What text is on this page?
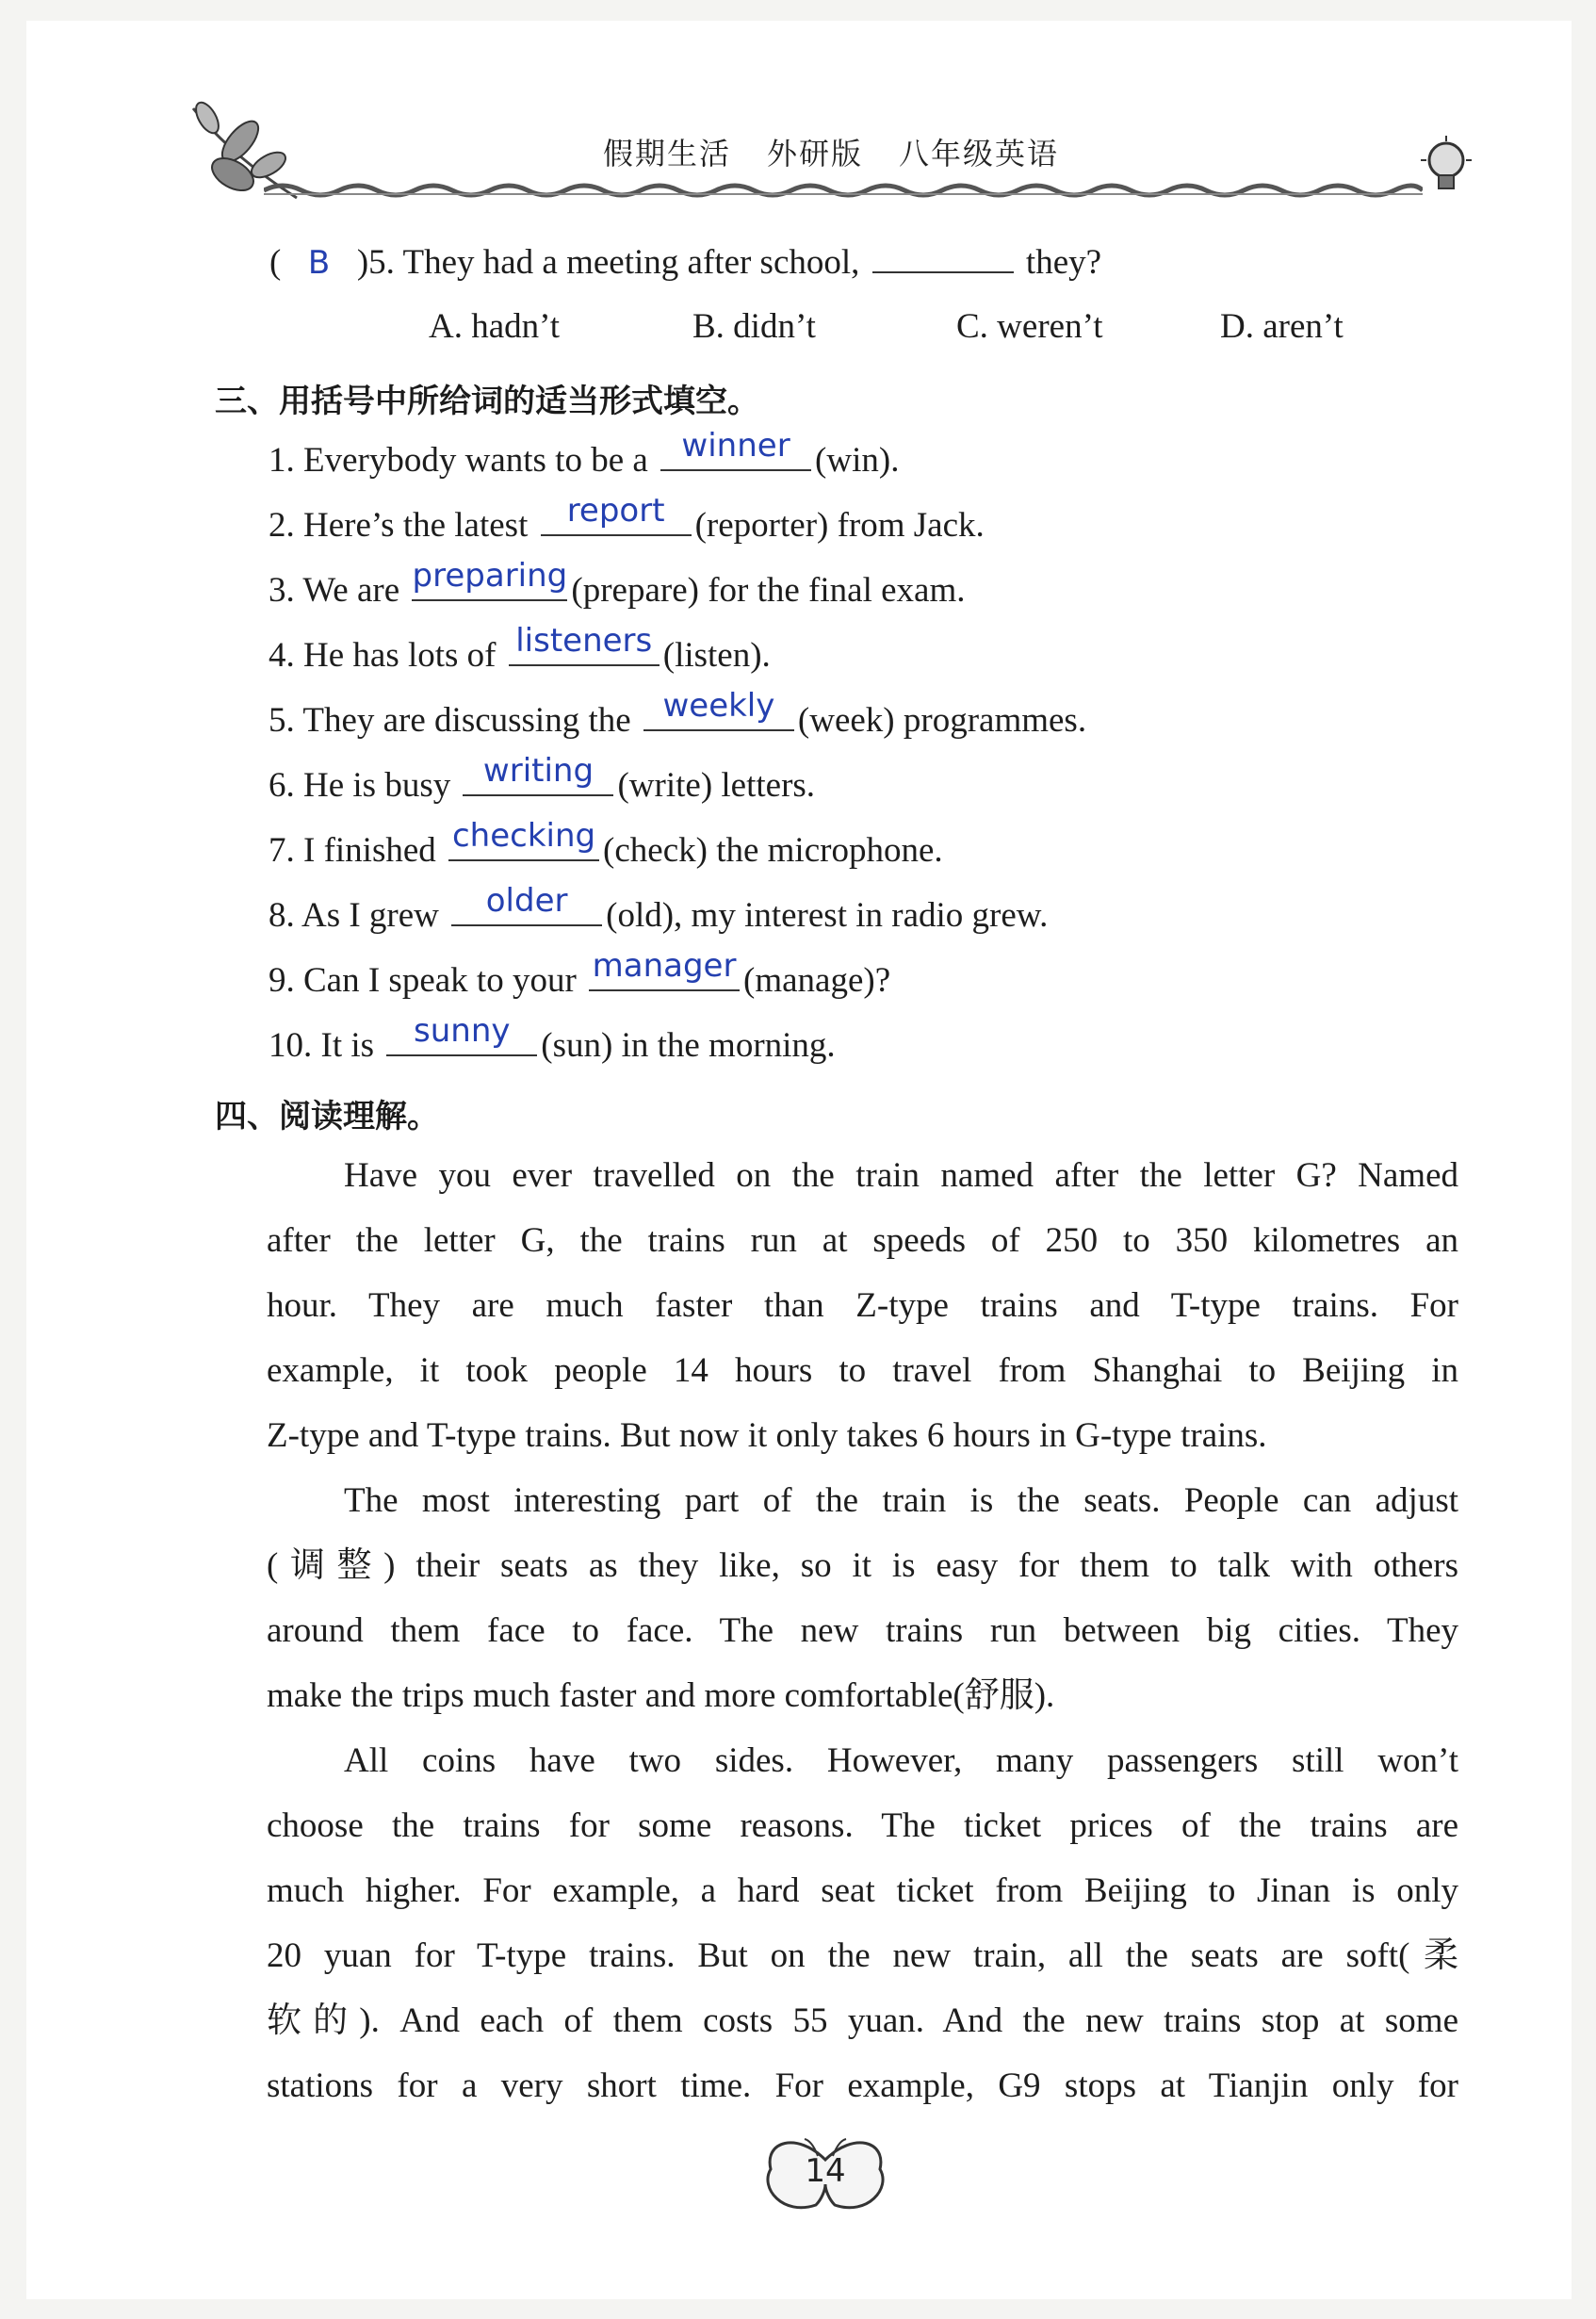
假期生活 外研版 八年级英语
( B )5. They had a meeting after school,	they?
A. hadn’t	B. didn’t	C. weren’t	D. aren’t
三、用括号中所给词的适当形式填空。
1. Everybody wants to be a	winner (win).
2. Here’s the latest	report (reporter) from Jack.
3. We are preparing (prepare) for the final exam.
4. He has lots of listeners (listen).
5. They are discussing the weekly (week) programmes.
6. He is busy	writing (write) letters.
7. I finished checking (check) the microphone.
8. As I grew	older	(old), my interest in radio grew.
9. Can I speak to your manager (manage)?
10. It is	sunny (sun) in the morning.
四、阅读理解。
Have you ever travelled on the train named after the letter G? Named
after the letter G, the trains run at speeds of 250 to 350 kilometres an
hour. They are much faster than Z-type trains and T-type trains. For
example, it took people 14 hours to travel from Shanghai to Beijing in
Z-type and T-type trains. But now it only takes 6 hours in G-type trains.
The most interesting part of the train is the seats. People can adjust
(调整) their seats as they like, so it is easy for them to talk with others
around them face to face. The new trains run between big cities. They
make the trips much faster and more comfortable(舒服).
All coins have two sides. However, many passengers still won’t
choose the trains for some reasons. The ticket prices of the trains are
much higher. For example, a hard seat ticket from Beijing to Jinan is only
20 yuan for T-type trains. But on the new train, all the seats are soft(柔
软的). And each of them costs 55 yuan. And the new trains stop at some
stations for a very short time. For example, G9 stops at Tianjin only for
14
